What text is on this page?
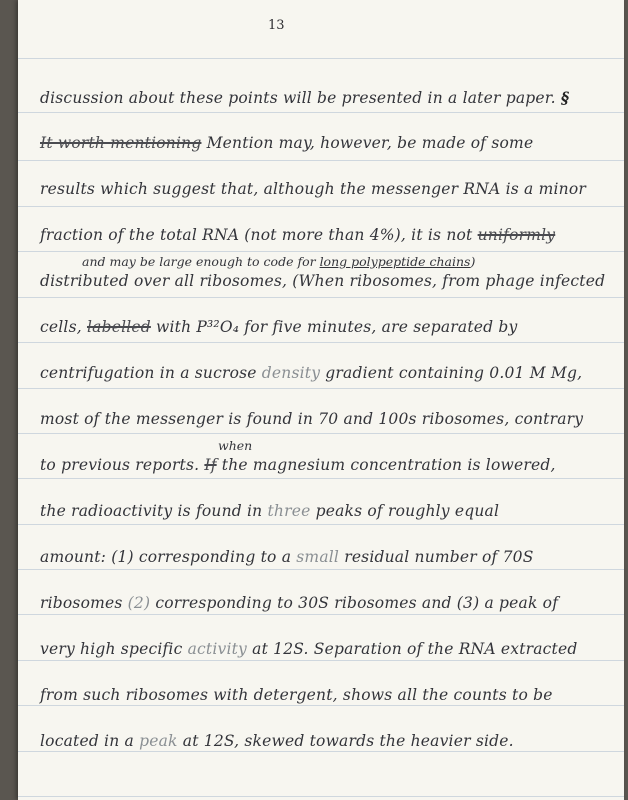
13
discussion about these points will be presented in a later paper. §
It worth mentioning Mention may, however, be made of some
results which suggest that, although the messenger RNA is a minor
fraction of the total RNA (not more than 4%), it is not uniformly
and may be large enough to code for long polypeptide chains)
distributed over all ribosomes, (When ribosomes, from phage infected
cells, labelled with P³²O₄ for five minutes, are separated by
centrifugation in a sucrose density gradient containing 0.01 M Mg,
most of the messenger is found in 70 and 100s ribosomes, contrary
when
to previous reports. If the magnesium concentration is lowered,
the radioactivity is found in three peaks of roughly equal
amount: (1) corresponding to a small residual number of 70S
ribosomes (2) corresponding to 30S ribosomes and (3) a peak of
very high specific activity at 12S. Separation of the RNA extracted
from such ribosomes with detergent, shows all the counts to be
located in a peak at 12S, skewed towards the heavier side.
